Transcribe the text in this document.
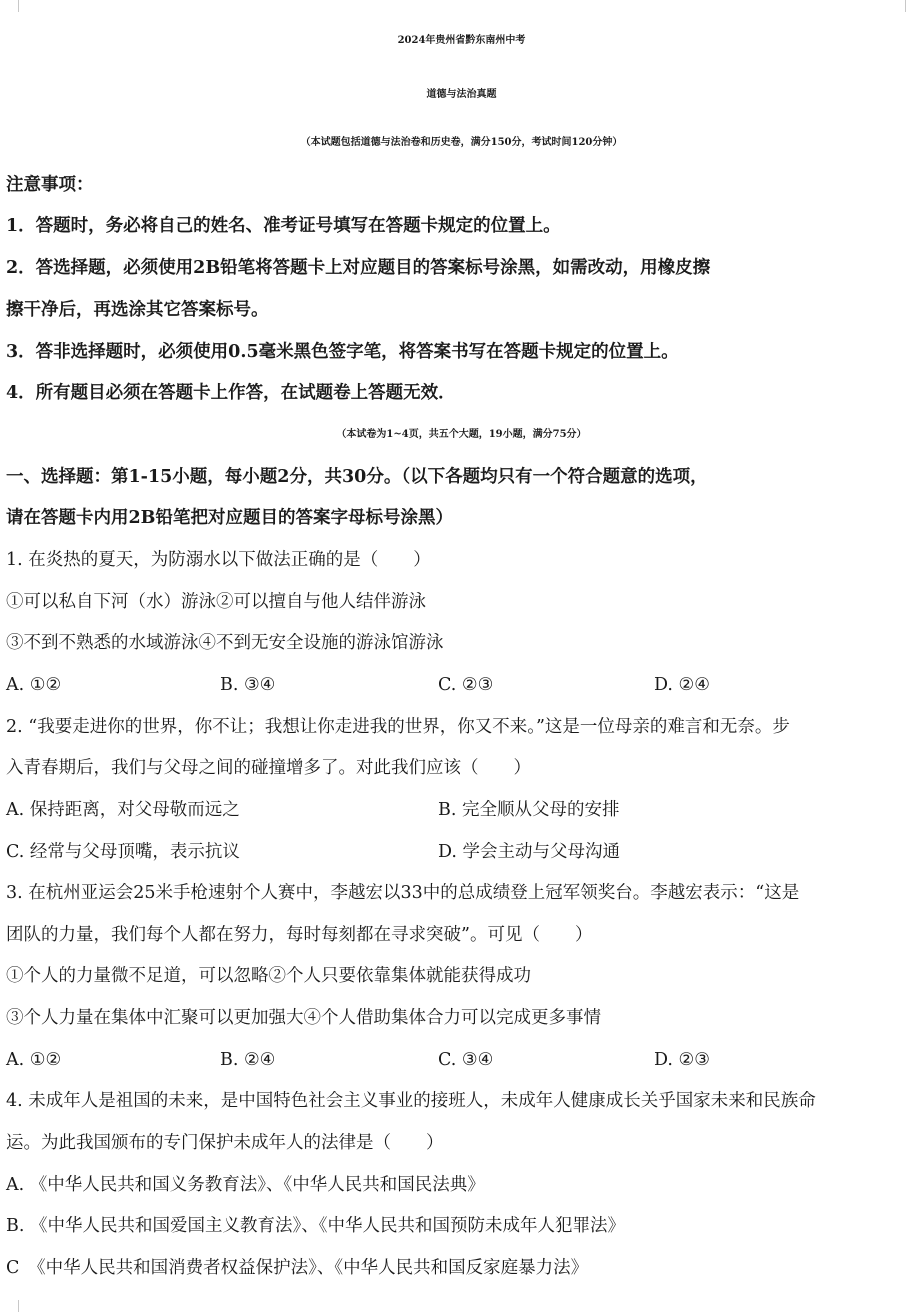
2024年贵州省黔东南州中考
道德与法治真题
（本试题包括道德与法治卷和历史卷，满分150分，考试时间120分钟）
注意事项：
1．答题时，务必将自己的姓名、准考证号填写在答题卡规定的位置上。
2．答选择题，必须使用2B铅笔将答题卡上对应题目的答案标号涂黑，如需改动，用橡皮擦
擦干净后，再选涂其它答案标号。
3．答非选择题时，必须使用0.5毫米黑色签字笔，将答案书写在答题卡规定的位置上。
4．所有题目必须在答题卡上作答，在试题卷上答题无效．
（本试卷为1~4页，共五个大题，19小题，满分75分）
一、选择题：第1-15小题，每小题2分，共30分。（以下各题均只有一个符合题意的选项，
请在答题卡内用2B铅笔把对应题目的答案字母标号涂黑）
1. 在炎热的夏天，为防溺水以下做法正确的是（　　）
①可以私自下河（水）游泳②可以擅自与他人结伴游泳
③不到不熟悉的水域游泳④不到无安全设施的游泳馆游泳
A. ①②	B. ③④	C. ②③	D. ②④
2. “我要走进你的世界，你不让；我想让你走进我的世界，你又不来。”这是一位母亲的难言和无奈。步
入青春期后，我们与父母之间的碰撞增多了。对此我们应该（　　）
A. 保持距离，对父母敬而远之	B. 完全顺从父母的安排
C. 经常与父母顶嘴，表示抗议	D. 学会主动与父母沟通
3. 在杭州亚运会25米手枪速射个人赛中，李越宏以33中的总成绩登上冠军领奖台。李越宏表示：“这是
团队的力量，我们每个人都在努力，每时每刻都在寻求突破”。可见（　　）
①个人的力量微不足道，可以忽略②个人只要依靠集体就能获得成功
③个人力量在集体中汇聚可以更加强大④个人借助集体合力可以完成更多事情
A. ①②	B. ②④	C. ③④	D. ②③
4. 未成年人是祖国的未来，是中国特色社会主义事业的接班人，未成年人健康成长关乎国家未来和民族命
运。为此我国颁布的专门保护未成年人的法律是（　　）
A. 《中华人民共和国义务教育法》、《中华人民共和国民法典》
B. 《中华人民共和国爱国主义教育法》、《中华人民共和国预防未成年人犯罪法》
C　《中华人民共和国消费者权益保护法》、《中华人民共和国反家庭暴力法》
